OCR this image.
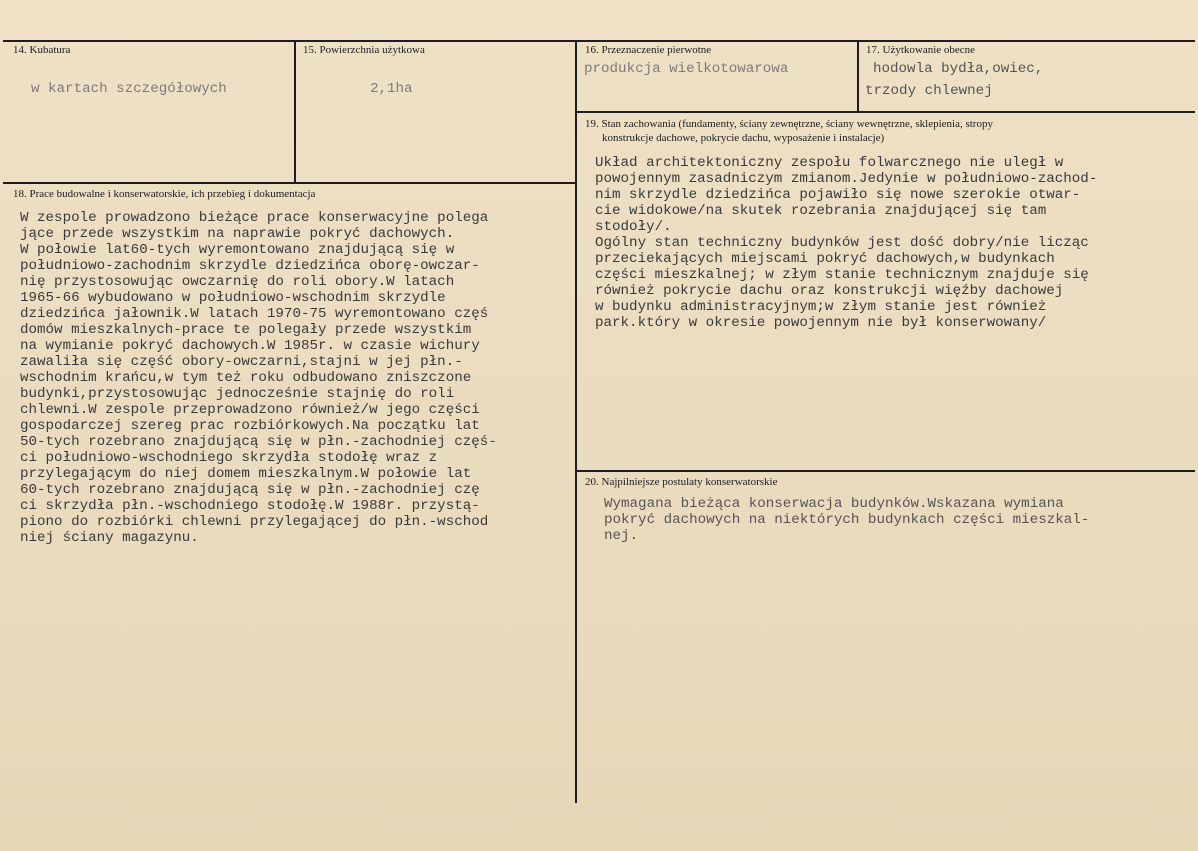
14. Kubatura
w kartach szczegółowych
15. Powierzchnia użytkowa
2,1ha
16. Przeznaczenie pierwotne
produkcja wielkotowarowa
17. Użytkowanie obecne
hodowla bydła,owiec,
trzody chlewnej
18. Prace budowalne i konserwatorskie, ich przebieg i dokumentacja
W zespole prowadzono bieżące prace konserwacyjne polega
jące przede wszystkim na naprawie pokryć dachowych.
W połowie lat60-tych wyremontowano znajdującą się w
południowo-zachodnim skrzydle dziedzińca oborę-owczar-
nię przystosowując owczarnię do roli obory.W latach
1965-66 wybudowano w południowo-wschodnim skrzydle
dziedzińca jałownik.W latach 1970-75 wyremontowano częś
domów mieszkalnych-prace te polegały przede wszystkim
na wymianie pokryć dachowych.W 1985r. w czasie wichury
zawaliła się część obory-owczarni,stajni w jej płn.-
wschodnim krańcu,w tym też roku odbudowano zniszczone
budynki,przystosowując jednocześnie stajnię do roli
chlewni.W zespole przeprowadzono również/w jego części
gospodarczej szereg prac rozbiórkowych.Na początku lat
50-tych rozebrano znajdującą się w płn.-zachodniej częś-
ci południowo-wschodniego skrzydła stodołę wraz z
przylegającym do niej domem mieszkalnym.W połowie lat
60-tych rozebrano znajdującą się w płn.-zachodniej czę
ci skrzydła płn.-wschodniego stodołę.W 1988r. przystą-
piono do rozbiórki chlewni przylegającej do płn.-wschod
niej ściany magazynu.
19. Stan zachowania (fundamenty, ściany zewnętrzne, ściany wewnętrzne, sklepienia, stropy
konstrukcje dachowe, pokrycie dachu, wyposażenie i instalacje)
Układ architektoniczny zespołu folwarcznego nie uległ w
powojennym zasadniczym zmianom.Jedynie w południowo-zachod-
nim skrzydle dziedzińca pojawiło się nowe szerokie otwar-
cie widokowe/na skutek rozebrania znajdującej się tam
stodoły/.
Ogólny stan techniczny budynków jest dość dobry/nie licząc
przeciekających miejscami pokryć dachowych,w budynkach
części mieszkalnej; w złym stanie technicznym znajduje się
również pokrycie dachu oraz konstrukcji więźby dachowej
w budynku administracyjnym;w złym stanie jest również
park.który w okresie powojennym nie był konserwowany/
20. Najpilniejsze postulaty konserwatorskie
Wymagana bieżąca konserwacja budynków.Wskazana wymiana
pokryć dachowych na niektórych budynkach części mieszkal-
nej.
